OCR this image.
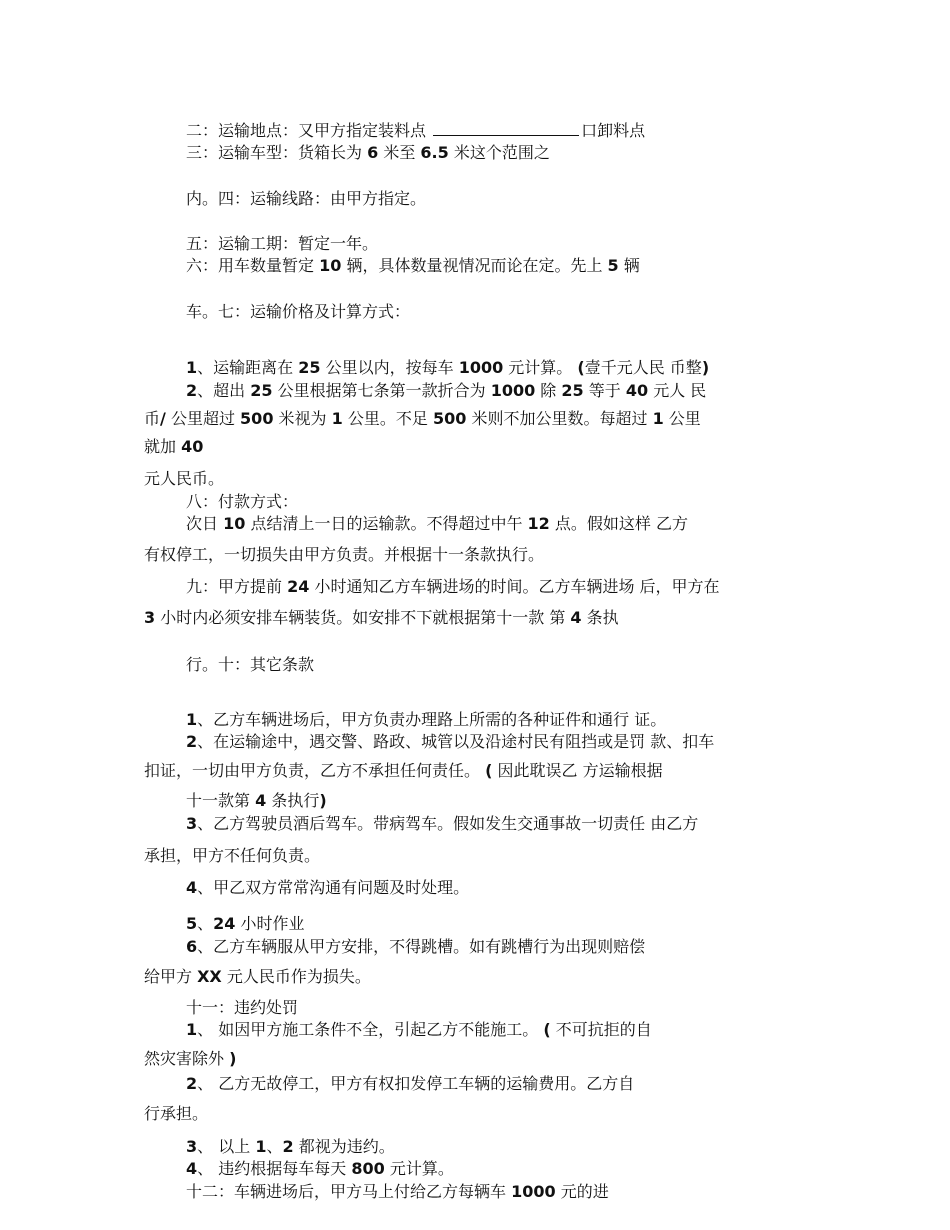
二：运输地点：又甲方指定装料点	口卸料点
三：运输车型：货箱长为 6 米至 6.5 米这个范围之
内。四：运输线路：由甲方指定。
五：运输工期：暂定一年。
六：用车数量暂定 10 辆，具体数量视情况而论在定。先上 5 辆
车。七：运输价格及计算方式：
1、运输距离在 25 公里以内，按每车 1000 元计算。 (壹千元人民 币整)
2、超出 25 公里根据第七条第一款折合为 1000 除 25 等于 40 元人 民
币/ 公里超过 500 米视为 1 公里。不足 500 米则不加公里数。每超过 1 公里
就加 40
元人民币。
八：付款方式：
次日 10 点结清上一日的运输款。不得超过中午 12 点。假如这样 乙方
有权停工，一切损失由甲方负责。并根据十一条款执行。
九：甲方提前 24 小时通知乙方车辆进场的时间。乙方车辆进场 后，甲方在
3 小时内必须安排车辆装货。如安排不下就根据第十一款 第 4 条执
行。十：其它条款
1、乙方车辆进场后，甲方负责办理路上所需的各种证件和通行 证。
2、在运输途中，遇交警、路政、城管以及沿途村民有阻挡或是罚 款、扣车
扣证，一切由甲方负责，乙方不承担任何责任。 ( 因此耽误乙 方运输根据
十一款第 4 条执行)
3、乙方驾驶员酒后驾车。带病驾车。假如发生交通事故一切责任 由乙方
承担，甲方不任何负责。
4、甲乙双方常常沟通有问题及时处理。
5、24 小时作业
6、乙方车辆服从甲方安排，不得跳槽。如有跳槽行为出现则赔偿
给甲方 XX 元人民币作为损失。
十一：违约处罚
1、 如因甲方施工条件不全，引起乙方不能施工。 ( 不可抗拒的自
然灾害除外 )
2、 乙方无故停工，甲方有权扣发停工车辆的运输费用。乙方自
行承担。
3、 以上 1、2 都视为违约。
4、 违约根据每车每天 800 元计算。
十二：车辆进场后，甲方马上付给乙方每辆车 1000 元的进
